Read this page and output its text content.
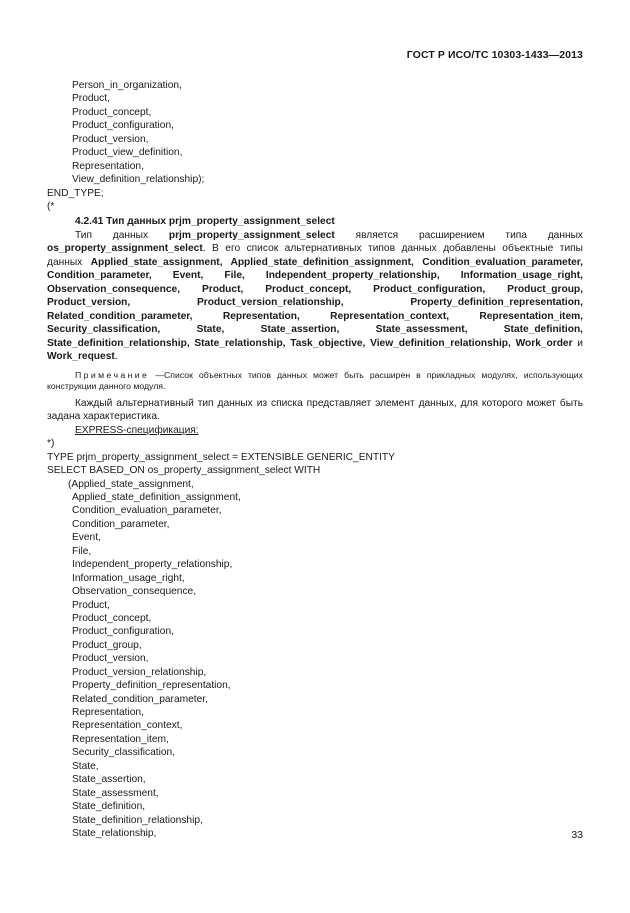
ГОСТ Р ИСО/ТС 10303-1433—2013
Person_in_organization,
Product,
Product_concept,
Product_configuration,
Product_version,
Product_view_definition,
Representation,
View_definition_relationship);
END_TYPE;
(*
4.2.41 Тип данных prjm_property_assignment_select

Тип данных prjm_property_assignment_select является расширением типа данных os_property_assignment_select. В его список альтернативных типов данных добавлены объектные типы данных Applied_state_assignment, Applied_state_definition_assignment, Condition_evaluation_parameter, Condition_parameter, Event, File, Independent_property_relationship, Information_usage_right, Observation_consequence, Product, Product_concept, Product_configuration, Product_group, Product_version, Product_version_relationship, Property_definition_representation, Related_condition_parameter, Representation, Representation_context, Representation_item, Security_classification, State, State_assertion, State_assessment, State_definition, State_definition_relationship, State_relationship, Task_objective, View_definition_relationship, Work_order и Work_request.

Примечание —Список объектных типов данных может быть расширен в прикладных модулях, использующих конструкции данного модуля.

Каждый альтернативный тип данных из списка представляет элемент данных, для которого может быть задана характеристика.

EXPRESS-спецификация:
*)
TYPE prjm_property_assignment_select = EXTENSIBLE GENERIC_ENTITY
SELECT BASED_ON os_property_assignment_select WITH
(Applied_state_assignment,
Applied_state_definition_assignment,
Condition_evaluation_parameter,
Condition_parameter,
Event,
File,
Independent_property_relationship,
Information_usage_right,
Observation_consequence,
Product,
Product_concept,
Product_configuration,
Product_group,
Product_version,
Product_version_relationship,
Property_definition_representation,
Related_condition_parameter,
Representation,
Representation_context,
Representation_item,
Security_classification,
State,
State_assertion,
State_assessment,
State_definition,
State_definition_relationship,
State_relationship,	33
